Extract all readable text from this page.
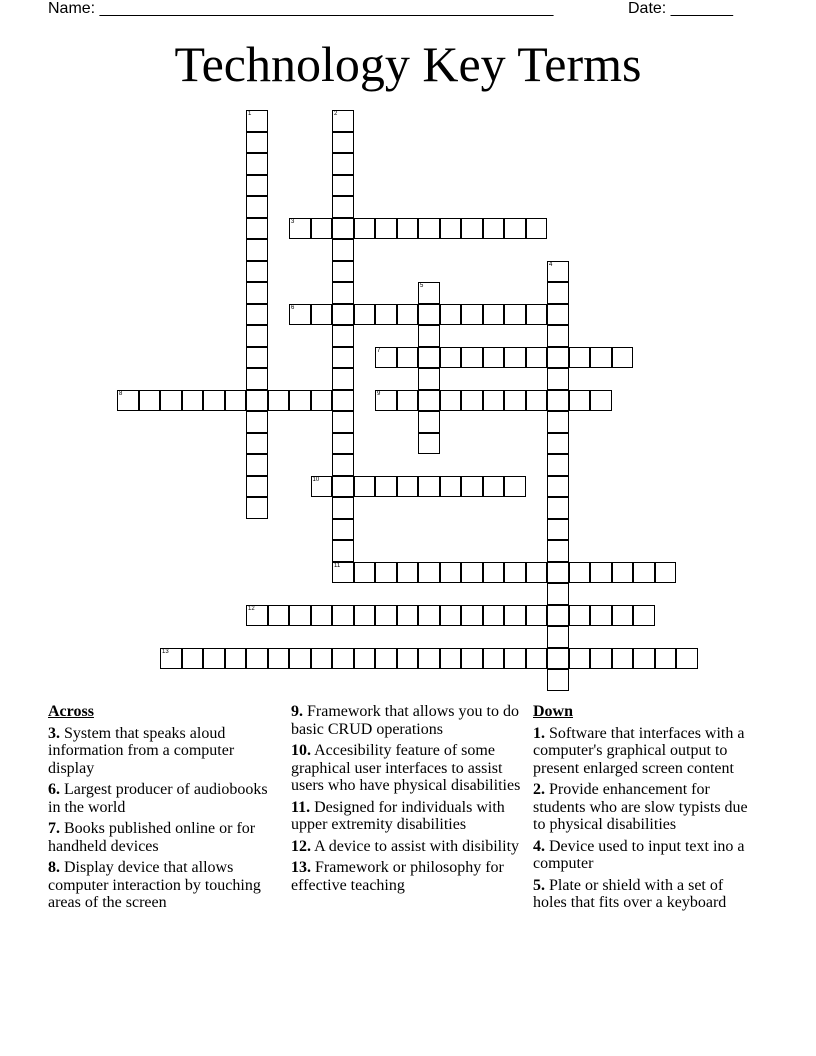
Name: ___________________________________________________	Date: _______
Technology Key Terms
1	2
11
3
4
5
6
7
8	9
10
12
13
Across
3. System that speaks aloud information from a computer display
6. Largest producer of audiobooks in the world
7. Books published online or for handheld devices
8. Display device that allows computer interaction by touching areas of the screen
9. Framework that allows you to do basic CRUD operations
10. Accesibility feature of some graphical user interfaces to assist users who have physical disabilities
11. Designed for individuals with upper extremity disabilities
12. A device to assist with disibility
13. Framework or philosophy for effective teaching
Down
1. Software that interfaces with a computer's graphical output to present enlarged screen content
2. Provide enhancement for students who are slow typists due to physical disabilities
4. Device used to input text ino a computer
5. Plate or shield with a set of holes that fits over a keyboard
